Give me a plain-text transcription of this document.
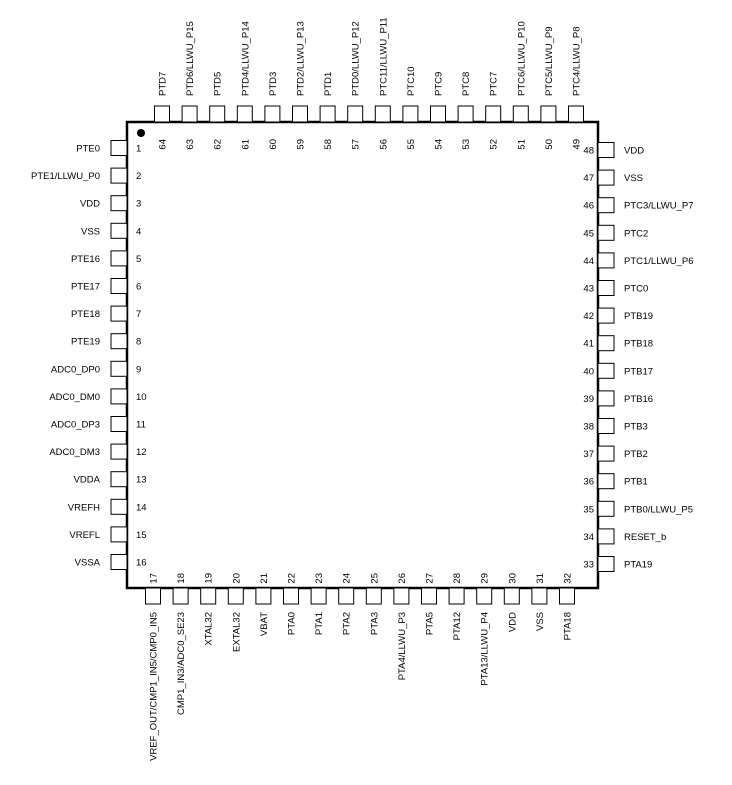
1
PTE0
2
PTE1/LLWU_P0
3
VDD
4
VSS
5
PTE16
6
PTE17
7
PTE18
8
PTE19
9
ADC0_DP0
10
ADC0_DM0
11
ADC0_DP3
12
ADC0_DM3
13
VDDA
14
VREFH
15
VREFL
16
VSSA	33	PTA19
34	RESET_b
35	PTB0/LLWU_P5
36	PTB1
37	PTB2
38	PTB3
39	PTB16
40	PTB17
41	PTB18
42	PTB19
43	PTC0
44	PTC1/LLWU_P6
45	PTC2
46	PTC3/LLWU_P7
47	VSS
48	VDD
17
VREF_OUT/CMP1_IN5/CMP0_IN5
18
CMP1_IN3/ADC0_SE23
19
XTAL32
20
EXTAL32
21
VBAT
22
PTA0
23
PTA1
24
PTA2
25
PTA3
26
PTA4/LLWU_P3
27
PTA5
28
PTA12
29
PTA13/LLWU_P4
30
VDD
31
VSS
32
PTA18
49
PTC4/LLWU_P8
50
PTC5/LLWU_P9
51
PTC6/LLWU_P10
52
PTC7
53
PTC8
54
PTC9
55
PTC10
56
PTC11/LLWU_P11
57
PTD0/LLWU_P12
58
PTD1
59
PTD2/LLWU_P13
60
PTD3
61
PTD4/LLWU_P14
62
PTD5
63
PTD6/LLWU_P15
64
PTD7
